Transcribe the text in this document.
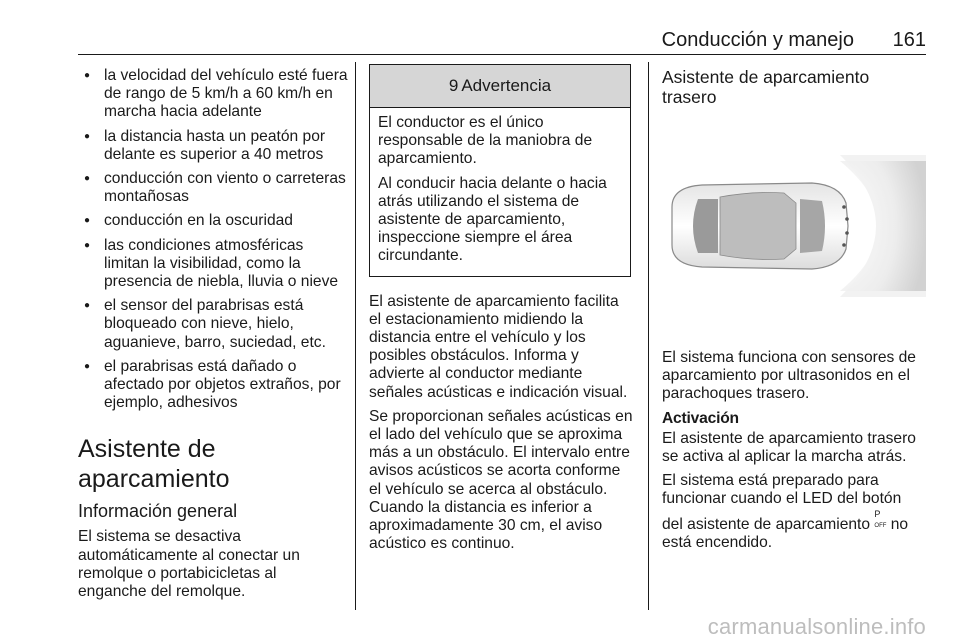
Conducción y manejo 161
● la velocidad del vehículo esté fuera de rango de 5 km/h a 60 km/h en marcha hacia adelante
● la distancia hasta un peatón por delante es superior a 40 metros
● conducción con viento o carreteras montañosas
● conducción en la oscuridad
● las condiciones atmosféricas limitan la visibilidad, como la presencia de niebla, lluvia o nieve
● el sensor del parabrisas está bloqueado con nieve, hielo, aguanieve, barro, suciedad, etc.
● el parabrisas está dañado o afectado por objetos extraños, por ejemplo, adhesivos
Asistente de aparcamiento
Información general

El sistema se desactiva automáticamente al conectar un remolque o portabicicletas al enganche del remolque.

9 Advertencia

El conductor es el único responsable de la maniobra de aparcamiento.

Al conducir hacia delante o hacia atrás utilizando el sistema de asistente de aparcamiento, inspeccione siempre el área circundante.

El asistente de aparcamiento facilita el estacionamiento midiendo la distancia entre el vehículo y los posibles obstáculos. Informa y advierte al conductor mediante señales acústicas e indicación visual.

Se proporcionan señales acústicas en el lado del vehículo que se aproxima más a un obstáculo. El intervalo entre avisos acústicos se acorta conforme el vehículo se acerca al obstáculo. Cuando la distancia es inferior a aproximadamente 30 cm, el aviso acústico es continuo.

Asistente de aparcamiento trasero

El sistema funciona con sensores de aparcamiento por ultrasonidos en el parachoques trasero.

Activación

El asistente de aparcamiento trasero se activa al aplicar la marcha atrás.

El sistema está preparado para funcionar cuando el LED del botón del asistente de aparcamiento P
OFF no está encendido.

carmanualsonline.info
